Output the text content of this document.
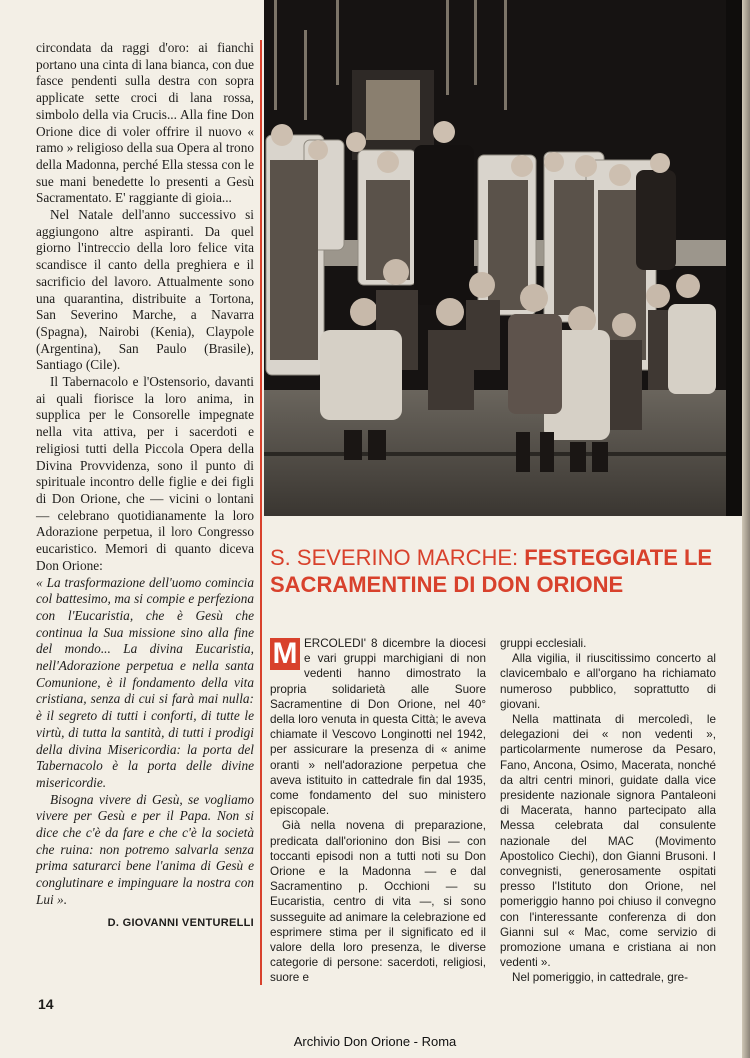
circondata da raggi d'oro: ai fianchi portano una cinta di lana bianca, con due fasce pendenti sulla destra con sopra applicate sette croci di lana rossa, simbolo della via Crucis... Alla fine Don Orione dice di voler offrire il nuovo « ramo » religioso della sua Opera al trono della Madonna, perché Ella stessa con le sue mani benedette lo presenti a Gesù Sacramentato. E' raggiante di gioia...

Nel Natale dell'anno successivo si aggiungono altre aspiranti. Da quel giorno l'intreccio della loro felice vita scandisce il canto della preghiera e il sacrificio del lavoro. Attualmente sono una quarantina, distribuite a Tortona, San Severino Marche, a Navarra (Spagna), Nairobi (Kenia), Claypole (Argentina), San Paulo (Brasile), Santiago (Cile).

Il Tabernacolo e l'Ostensorio, davanti ai quali fiorisce la loro anima, in supplica per le Consorelle impegnate nella vita attiva, per i sacerdoti e religiosi tutti della Piccola Opera della Divina Provvidenza, sono il punto di spirituale incontro delle figlie e dei figli di Don Orione, che — vicini o lontani — celebrano quotidianamente la loro Adorazione perpetua, il loro Congresso eucaristico. Memori di quanto diceva Don Orione:

« La trasformazione dell'uomo comincia col battesimo, ma si compie e perfeziona con l'Eucaristia, che è Gesù che continua la Sua missione sino alla fine del mondo... La divina Eucaristia, nell'Adorazione perpetua e nella santa Comunione, è il fondamento della vita cristiana, senza di cui si farà mai nulla: è il segreto di tutti i conforti, di tutte le virtù, di tutta la santità, di tutti i prodigi della divina Misericordia: la porta del Tabernacolo è la porta delle divine misericordie.

Bisogna vivere di Gesù, se vogliamo vivere per Gesù e per il Papa. Non si dice che c'è da fare e che c'è la società che ruina: non potremo salvarla senza prima saturarci bene l'anima di Gesù e conglutinare e impinguare la nostra con Lui ».

D. GIOVANNI VENTURELLI

S. SEVERINO MARCHE: FESTEGGIATE LE SACRAMENTINE DI DON ORIONE
M ERCOLEDI' 8 dicembre la diocesi e vari gruppi marchigiani di non vedenti hanno dimostrato la propria solidarietà alle Suore Sacramentine di Don Orione, nel 40° della loro venuta in questa Città; le aveva chiamate il Vescovo Longinotti nel 1942, per assicurare la presenza di « anime oranti » nell'adorazione perpetua che aveva istituito in cattedrale fin dal 1935, come fondamento del suo ministero episcopale.

Già nella novena di preparazione, predicata dall'orionino don Bisi — con toccanti episodi non a tutti noti su Don Orione e la Madonna — e dal Sacramentino p. Occhioni — su Eucaristia, centro di vita —, si sono susseguite ad animare la celebrazione ed esprimere stima per il significato ed il valore della loro presenza, le diverse categorie di persone: sacerdoti, religiosi, suore e

gruppi ecclesiali.

Alla vigilia, il riuscitissimo concerto al clavicembalo e all'organo ha richiamato numeroso pubblico, soprattutto di giovani.

Nella mattinata di mercoledì, le delegazioni dei « non vedenti », particolarmente numerose da Pesaro, Fano, Ancona, Osimo, Macerata, nonché da altri centri minori, guidate dalla vice presidente nazionale signora Pantaleoni di Macerata, hanno partecipato alla Messa celebrata dal consulente nazionale del MAC (Movimento Apostolico Ciechi), don Gianni Brusoni. I convegnisti, generosamente ospitati presso l'Istituto don Orione, nel pomeriggio hanno poi chiuso il convegno con l'interessante conferenza di don Gianni sul « Mac, come servizio di promozione umana e cristiana ai non vedenti ».

Nel pomeriggio, in cattedrale, gre-

14
Archivio Don Orione - Roma
